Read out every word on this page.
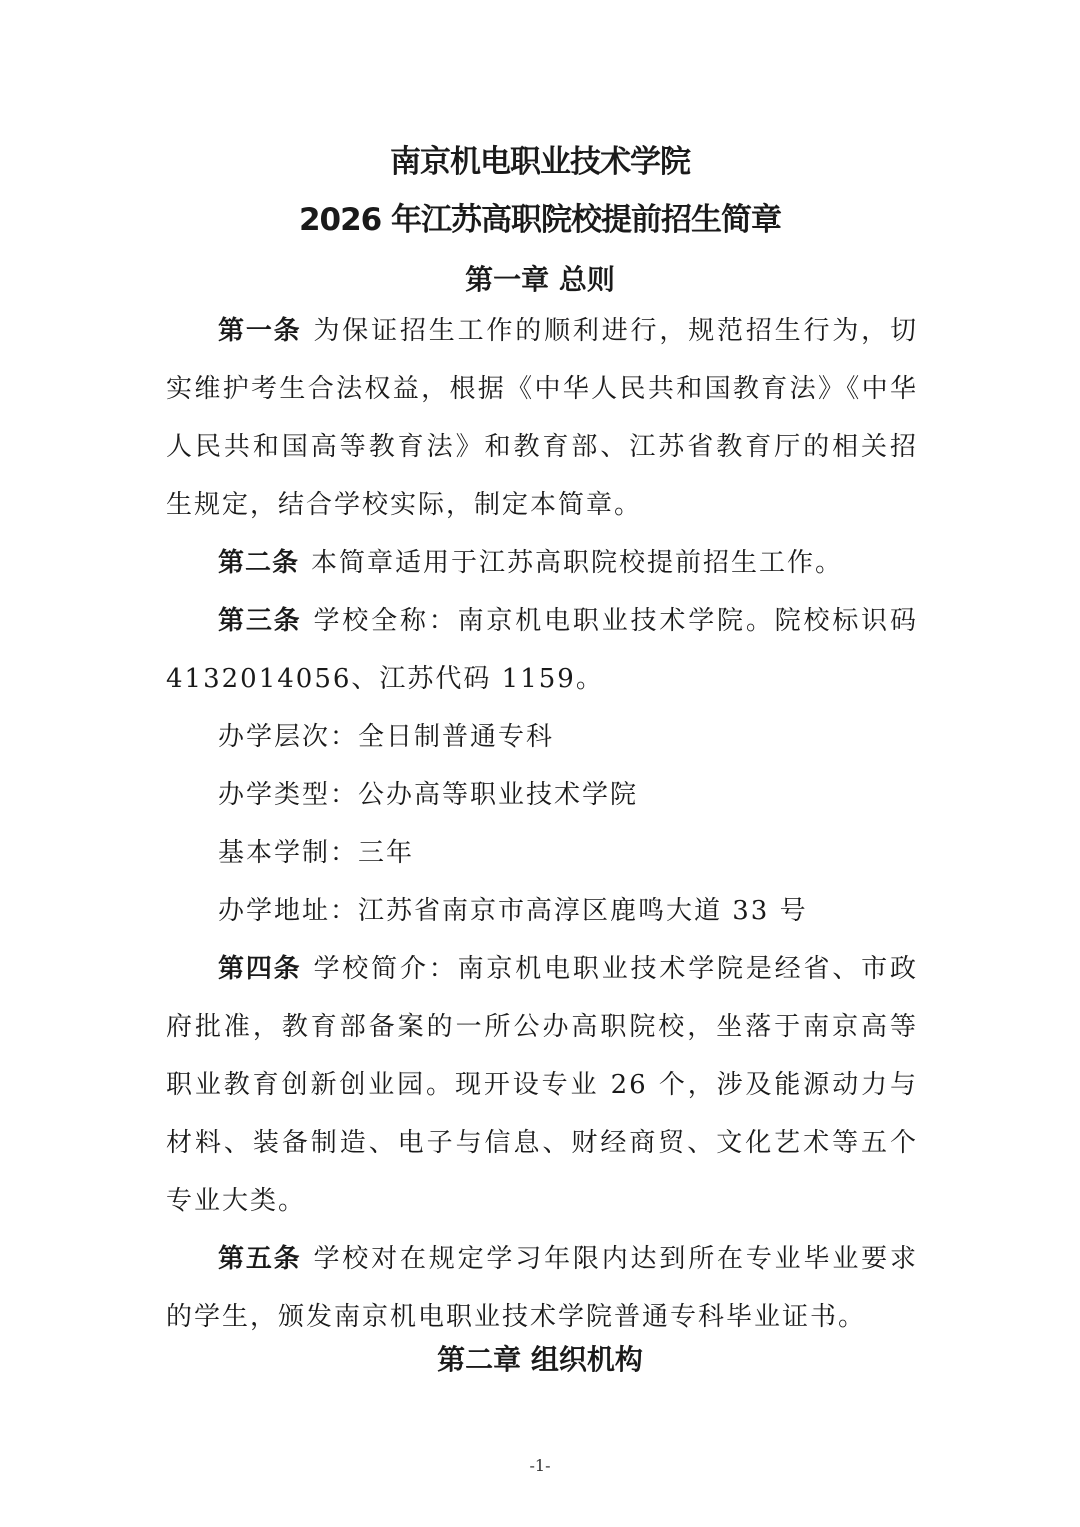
南京机电职业技术学院
2026 年江苏高职院校提前招生简章
第一章 总则

第一条 为保证招生工作的顺利进行，规范招生行为，切实维护考生合法权益，根据《中华人民共和国教育法》《中华人民共和国高等教育法》和教育部、江苏省教育厅的相关招生规定，结合学校实际，制定本简章。

第二条 本简章适用于江苏高职院校提前招生工作。

第三条 学校全称：南京机电职业技术学院。院校标识码 4132014056、江苏代码 1159。

办学层次：全日制普通专科

办学类型：公办高等职业技术学院

基本学制：三年

办学地址：江苏省南京市高淳区鹿鸣大道 33 号

第四条 学校简介：南京机电职业技术学院是经省、市政府批准，教育部备案的一所公办高职院校，坐落于南京高等职业教育创新创业园。现开设专业 26 个，涉及能源动力与材料、装备制造、电子与信息、财经商贸、文化艺术等五个专业大类。

第五条 学校对在规定学习年限内达到所在专业毕业要求的学生，颁发南京机电职业技术学院普通专科毕业证书。

第二章 组织机构
-1-
